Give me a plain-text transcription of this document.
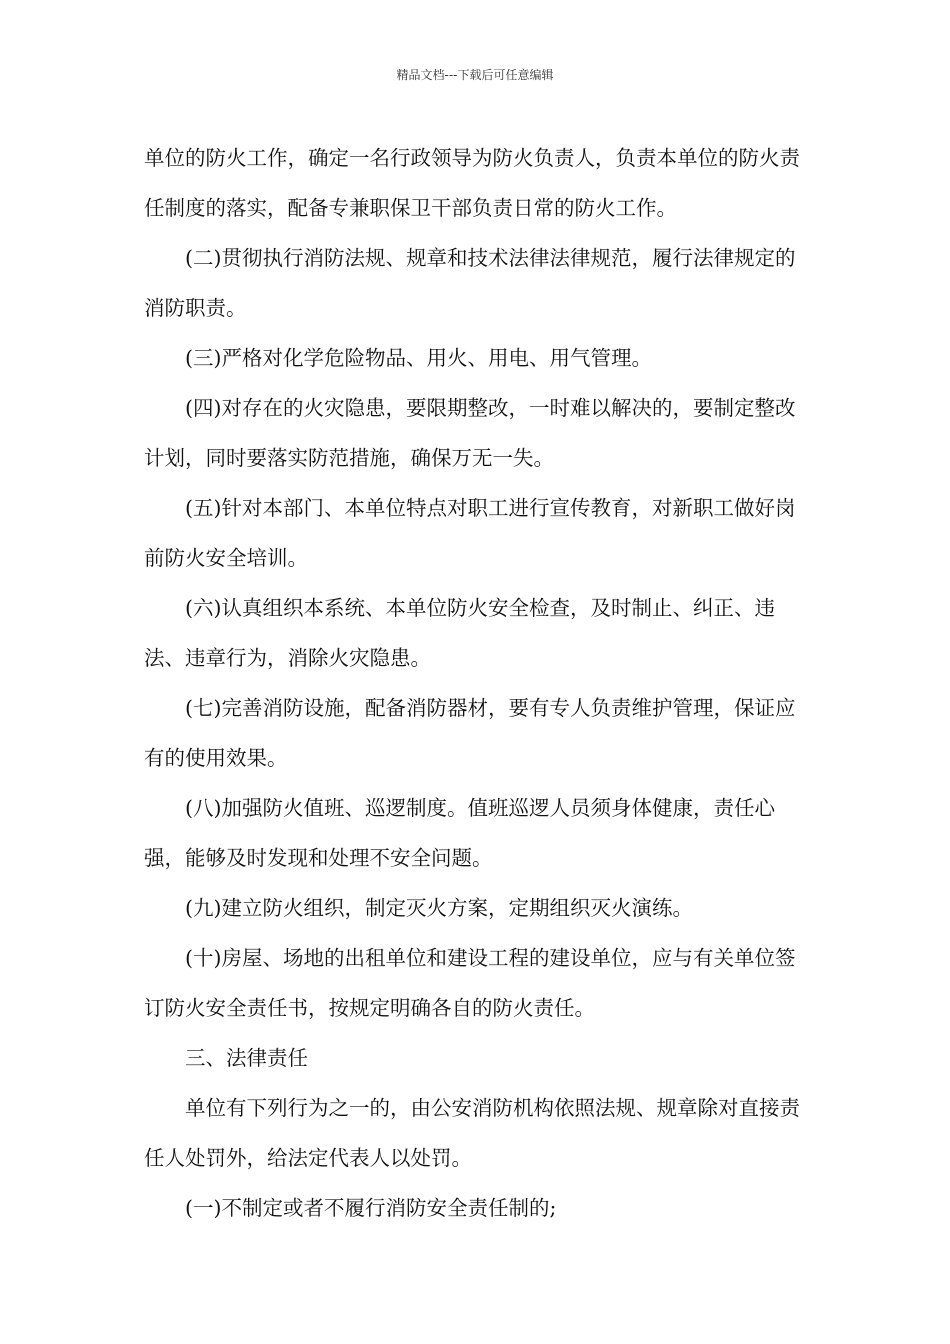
精品文档---下载后可任意编辑

单位的防火工作，确定一名行政领导为防火负责人，负责本单位的防火责任制度的落实，配备专兼职保卫干部负责日常的防火工作。

(二)贯彻执行消防法规、规章和技术法律法律规范，履行法律规定的消防职责。

(三)严格对化学危险物品、用火、用电、用气管理。

(四)对存在的火灾隐患，要限期整改，一时难以解决的，要制定整改计划，同时要落实防范措施，确保万无一失。

(五)针对本部门、本单位特点对职工进行宣传教育，对新职工做好岗前防火安全培训。

(六)认真组织本系统、本单位防火安全检查，及时制止、纠正、违法、违章行为，消除火灾隐患。

(七)完善消防设施，配备消防器材，要有专人负责维护管理，保证应有的使用效果。

(八)加强防火值班、巡逻制度。值班巡逻人员须身体健康，责任心强，能够及时发现和处理不安全问题。

(九)建立防火组织，制定灭火方案，定期组织灭火演练。

(十)房屋、场地的出租单位和建设工程的建设单位，应与有关单位签订防火安全责任书，按规定明确各自的防火责任。

三、法律责任

单位有下列行为之一的，由公安消防机构依照法规、规章除对直接责任人处罚外，给法定代表人以处罚。

(一)不制定或者不履行消防安全责任制的;
